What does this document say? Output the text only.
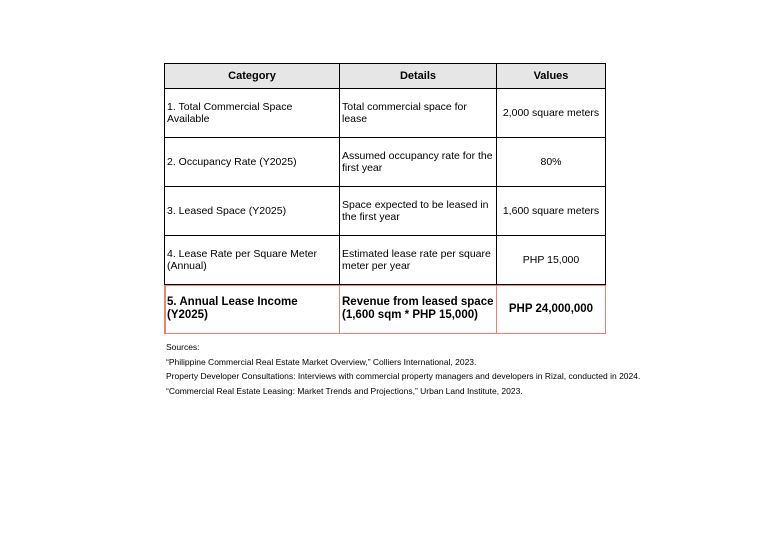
Category	Details	Values
1. Total Commercial Space Available	Total commercial space for lease	2,000 square meters
2. Occupancy Rate (Y2025)	Assumed occupancy rate for the first year	80%
3. Leased Space (Y2025)	Space expected to be leased in the first year	1,600 square meters
4. Lease Rate per Square Meter (Annual)	Estimated lease rate per square meter per year	PHP 15,000
5. Annual Lease Income (Y2025)	Revenue from leased space (1,600 sqm * PHP 15,000)	PHP 24,000,000
Sources:
“Philippine Commercial Real Estate Market Overview,” Colliers International, 2023.
Property Developer Consultations: Interviews with commercial property managers and developers in Rizal, conducted in 2024.
“Commercial Real Estate Leasing: Market Trends and Projections,” Urban Land Institute, 2023.
